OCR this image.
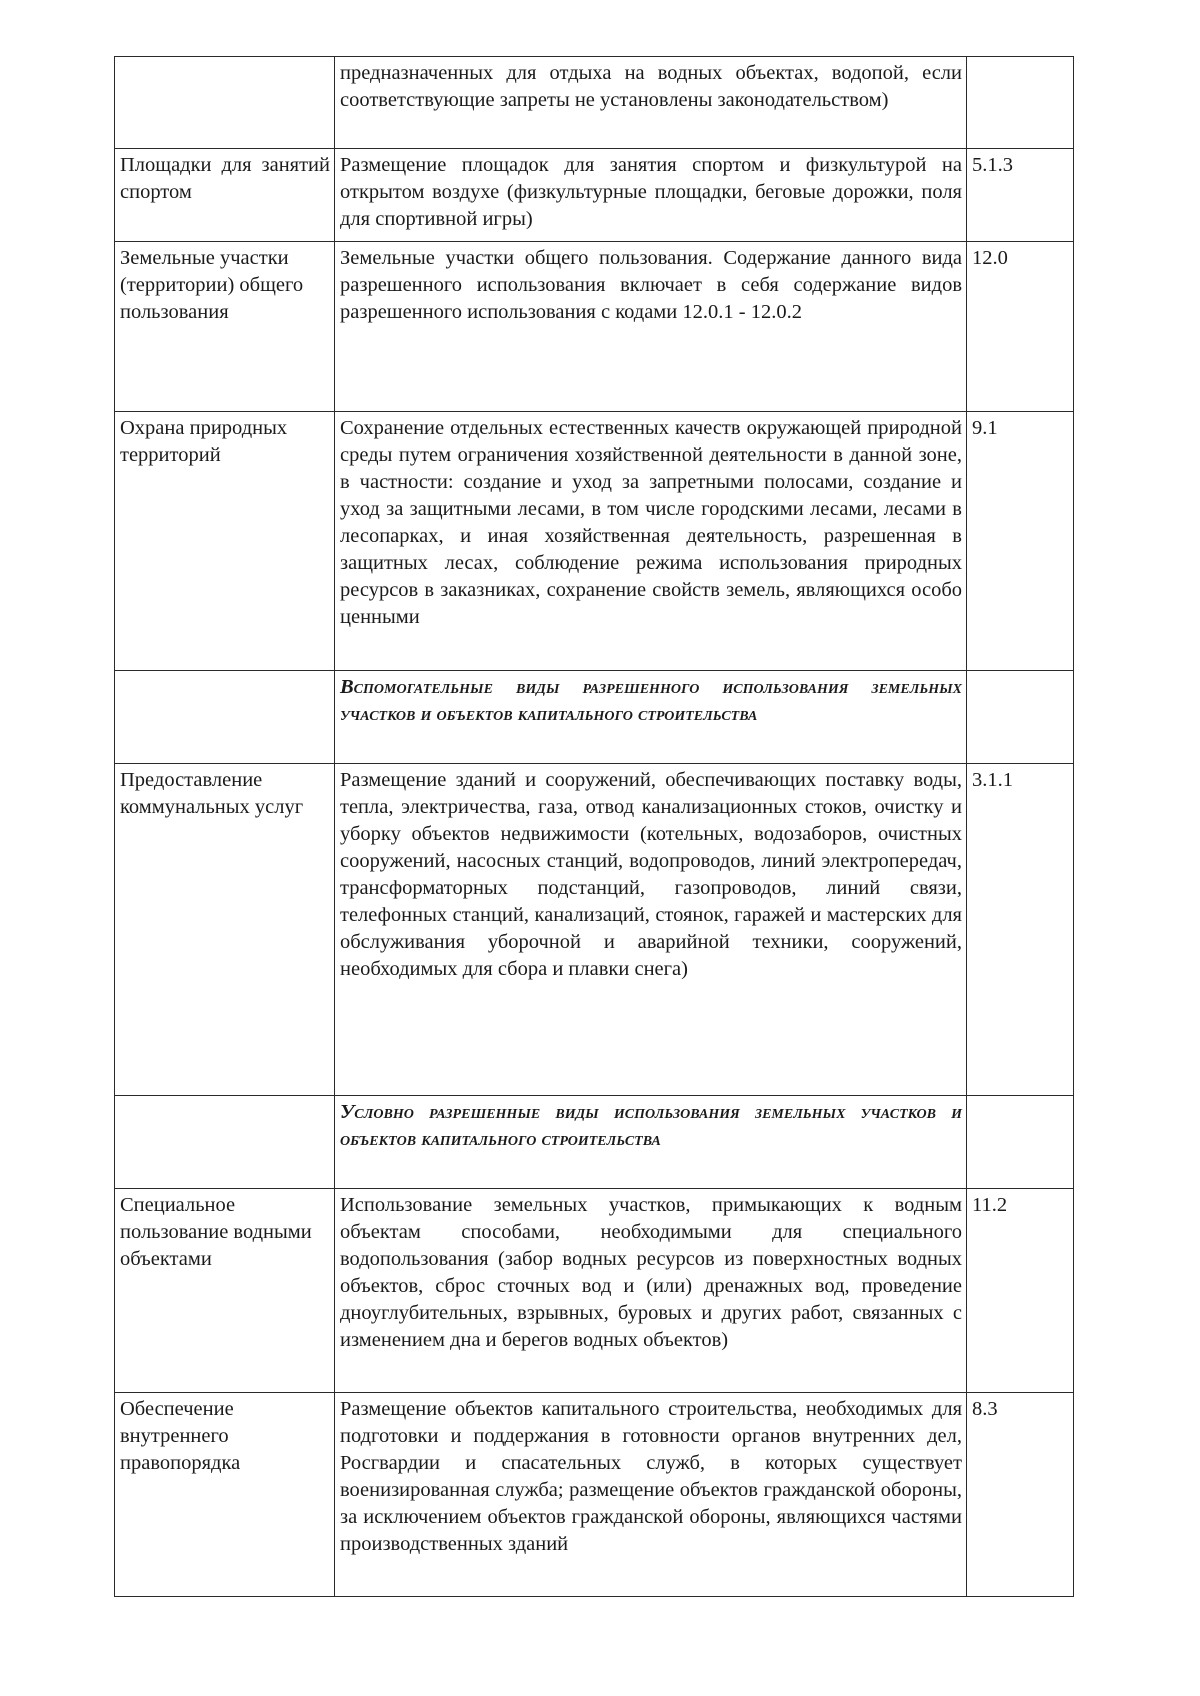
	предназначенных для отдыха на водных объектах, водопой, если соответствующие запреты не установлены законодательством)	
Площадки для занятий спортом	Размещение площадок для занятия спортом и физкультурой на открытом воздухе (физкультурные площадки, беговые дорожки, поля для спортивной игры)	5.1.3
Земельные участки (территории) общего пользования	Земельные участки общего пользования. Содержание данного вида разрешенного использования включает в себя содержание видов разрешенного использования с кодами 12.0.1 - 12.0.2	12.0
Охрана природных территорий	Сохранение отдельных естественных качеств окружающей природной среды путем ограничения хозяйственной деятельности в данной зоне, в частности: создание и уход за запретными полосами, создание и уход за защитными лесами, в том числе городскими лесами, лесами в лесопарках, и иная хозяйственная деятельность, разрешенная в защитных лесах, соблюдение режима использования природных ресурсов в заказниках, сохранение свойств земель, являющихся особо ценными	9.1
	Вспомогательные виды разрешенного использования земельных участков и объектов капитального строительства	
Предоставление коммунальных услуг	Размещение зданий и сооружений, обеспечивающих поставку воды, тепла, электричества, газа, отвод канализационных стоков, очистку и уборку объектов недвижимости (котельных, водозаборов, очистных сооружений, насосных станций, водопроводов, линий электропередач, трансформаторных подстанций, газопроводов, линий связи, телефонных станций, канализаций, стоянок, гаражей и мастерских для обслуживания уборочной и аварийной техники, сооружений, необходимых для сбора и плавки снега)	3.1.1
	Условно разрешенные виды использования земельных участков и объектов капитального строительства	
Специальное пользование водными объектами	Использование земельных участков, примыкающих к водным объектам способами, необходимыми для специального водопользования (забор водных ресурсов из поверхностных водных объектов, сброс сточных вод и (или) дренажных вод, проведение дноуглубительных, взрывных, буровых и других работ, связанных с изменением дна и берегов водных объектов)	11.2
Обеспечение внутреннего правопорядка	Размещение объектов капитального строительства, необходимых для подготовки и поддержания в готовности органов внутренних дел, Росгвардии и спасательных служб, в которых существует военизированная служба; размещение объектов гражданской обороны, за исключением объектов гражданской обороны, являющихся частями производственных зданий	8.3
